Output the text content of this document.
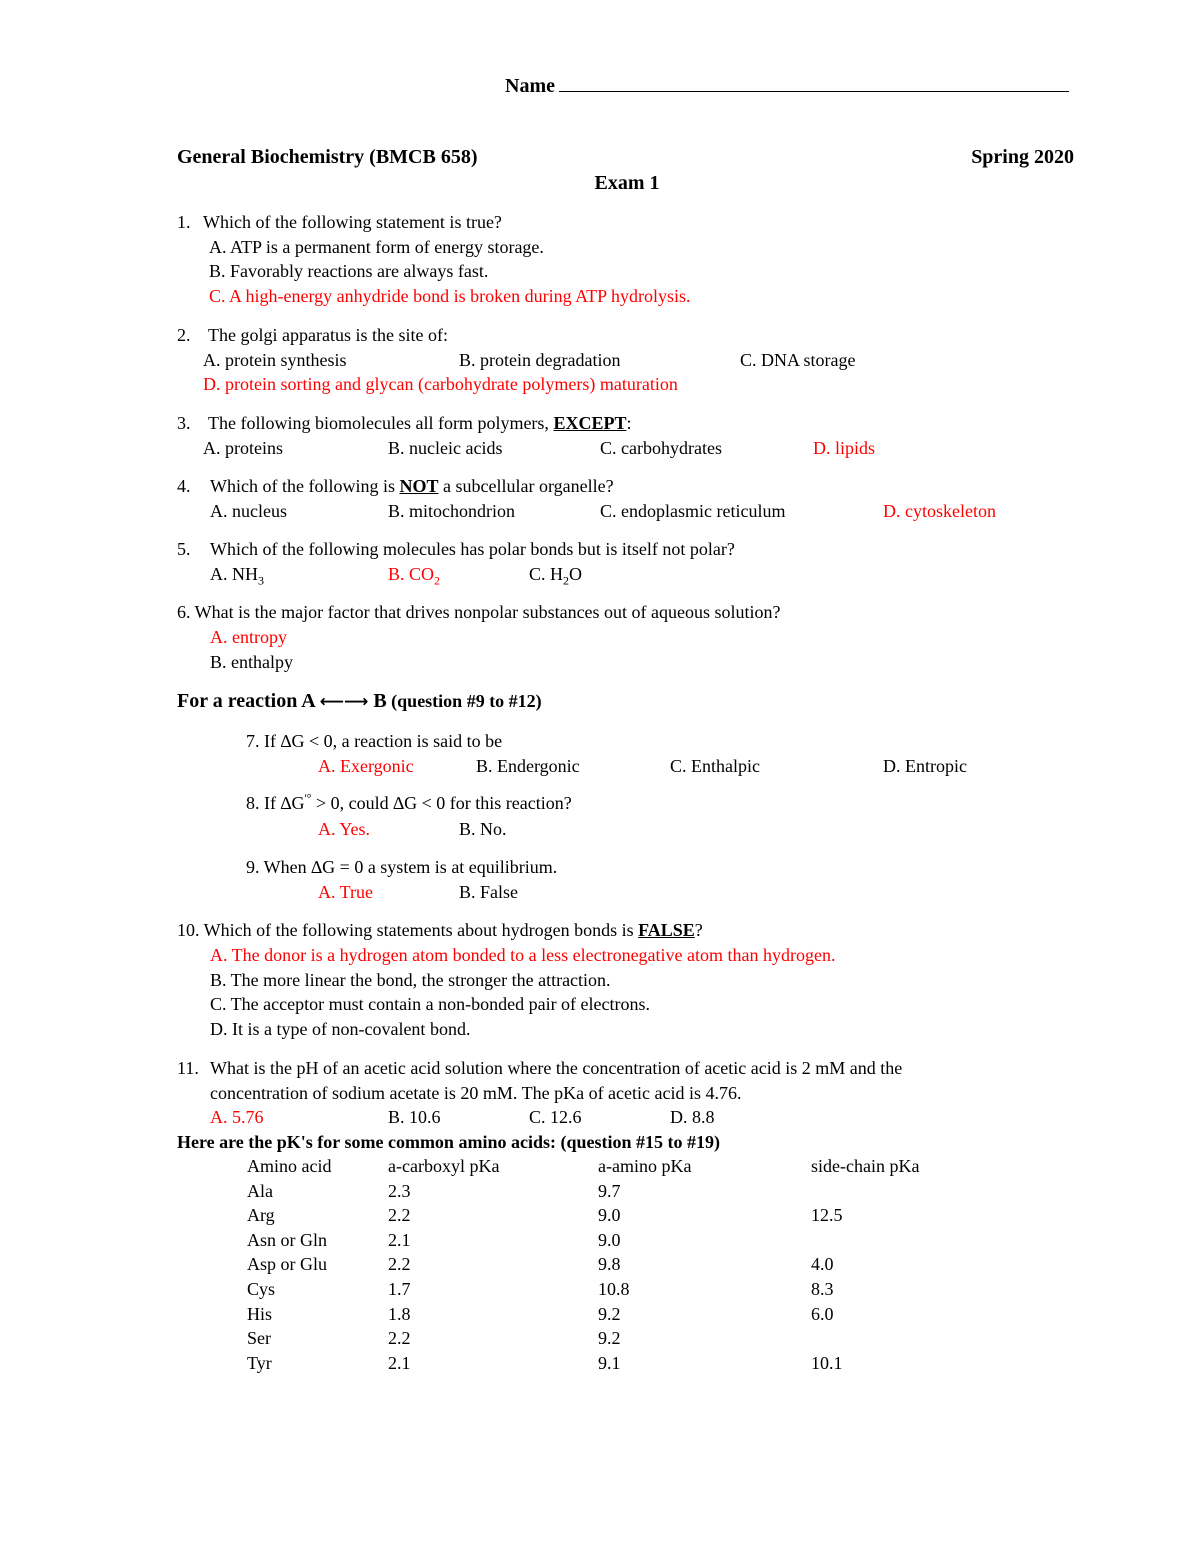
Name
General Biochemistry (BMCB 658)	Spring 2020
Exam 1
1. Which of the following statement is true?
A. ATP is a permanent form of energy storage.
B. Favorably reactions are always fast.
C. A high-energy anhydride bond is broken during ATP hydrolysis.
2. The golgi apparatus is the site of:
A. protein synthesis	B. protein degradation	C. DNA storage
D. protein sorting and glycan (carbohydrate polymers) maturation
3. The following biomolecules all form polymers, EXCEPT:
A. proteins	B. nucleic acids	C. carbohydrates	D. lipids
4. Which of the following is NOT a subcellular organelle?
A. nucleus	B. mitochondrion	C. endoplasmic reticulum	D. cytoskeleton
5. Which of the following molecules has polar bonds but is itself not polar?
A. $NH_3$	B. $CO_2$	C. $H_2O$
6. What is the major factor that drives nonpolar substances out of aqueous solution?
A. entropy
B. enthalpy
For a reaction A ⟵⟶ B (question #9 to #12)
7. If ∆G < 0, a reaction is said to be
A. Exergonic	B. Endergonic	C. Enthalpic	D. Entropic
8. If ∆G'° > 0, could ∆G < 0 for this reaction?
A. Yes.	B. No.
9. When ∆G = 0 a system is at equilibrium.
A. True	B. False
10. Which of the following statements about hydrogen bonds is FALSE?
A. The donor is a hydrogen atom bonded to a less electronegative atom than hydrogen.
B. The more linear the bond, the stronger the attraction.
C. The acceptor must contain a non-bonded pair of electrons.
D. It is a type of non-covalent bond.
11. What is the pH of an acetic acid solution where the concentration of acetic acid is 2 mM and the
concentration of sodium acetate is 20 mM. The pKa of acetic acid is 4.76.
A. 5.76	B. 10.6	C. 12.6	D. 8.8
Here are the pK's for some common amino acids: (question #15 to #19)
Amino acid	a-carboxyl pKa	a-amino pKa	side-chain pKa
Ala	2.3	9.7	
Arg	2.2	9.0	12.5
Asn or Gln	2.1	9.0	
Asp or Glu	2.2	9.8	4.0
Cys	1.7	10.8	8.3
His	1.8	9.2	6.0
Ser	2.2	9.2	
Tyr	2.1	9.1	10.1
